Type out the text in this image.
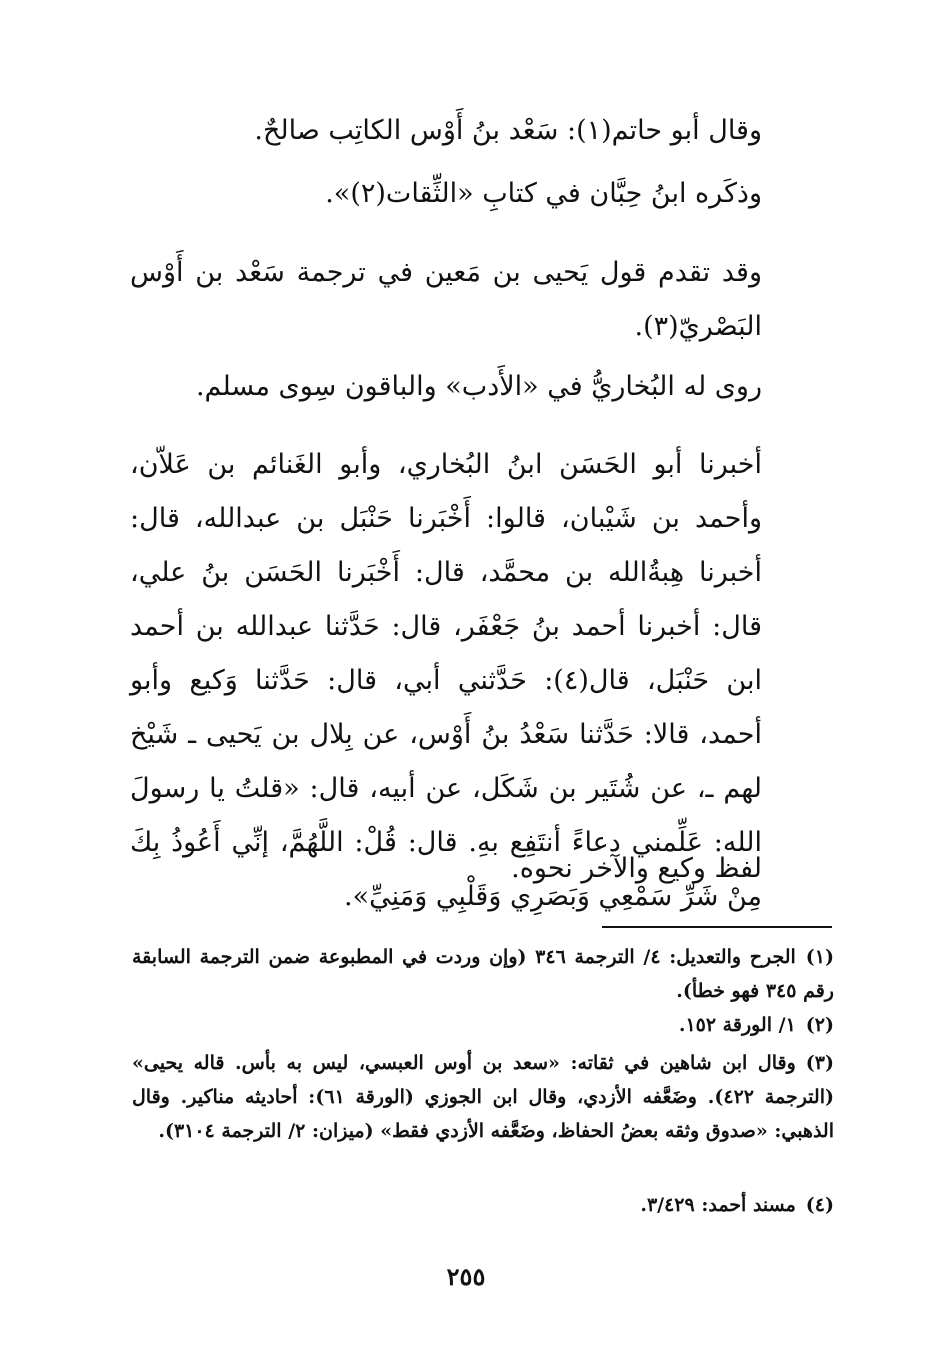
وقال أبو حاتم(١): سَعْد بنُ أَوْس الكاتِب صالحٌ.
وذكَره ابنُ حِبَّان في كتابِ «الثِّقات(٢)».
وقد تقدم قول يَحيى بن مَعين في ترجمة سَعْد بن أَوْس البَصْريّ(٣).
روى له البُخاريُّ في «الأَدب» والباقون سِوى مسلم.
أخبرنا أبو الحَسَن ابنُ البُخاري، وأبو الغَنائم بن عَلاّن، وأحمد بن شَيْبان، قالوا: أَخْبَرنا حَنْبَل بن عبدالله، قال: أخبرنا هِبةُالله بن محمَّد، قال: أَخْبَرنا الحَسَن بنُ علي، قال: أخبرنا أحمد بنُ جَعْفَر، قال: حَدَّثنا عبدالله بن أحمد ابن حَنْبَل، قال(٤): حَدَّثني أبي، قال: حَدَّثنا وَكيع وأبو أحمد، قالا: حَدَّثنا سَعْدُ بنُ أَوْس، عن بِلال بن يَحيى ـ شَيْخ لهم ـ، عن شُتَير بن شَكَل، عن أبيه، قال: «قلتُ يا رسولَ الله: عَلِّمني دعاءً أنتَفِع بهِ. قال: قُلْ: اللَّهُمَّ، إنِّي أَعُوذُ بِكَ مِنْ شَرِّ سَمْعِي وَبَصَرِي وَقَلْبِي وَمَنِيِّ».
لفظ وكيع والآخر نحوه.
(١)الجرح والتعديل: ٤/ الترجمة ٣٤٦ (وإن وردت في المطبوعة ضمن الترجمة السابقة رقم ٣٤٥ فهو خطأ).
(٢)١/ الورقة ١٥٢.
(٣)وقال ابن شاهين في ثقاته: «سعد بن أوس العبسي، ليس به بأس. قاله يحيى» (الترجمة ٤٢٢). وضَعَّفه الأزدي، وقال ابن الجوزي (الورقة ٦١): أحاديثه مناكير. وقال الذهبي: «صدوق وثقه بعضُ الحفاظ، وضَعَّفه الأزدي فقط» (ميزان: ٢/ الترجمة ٣١٠٤).
(٤)مسند أحمد: ٣/٤٢٩.
٢٥٥
